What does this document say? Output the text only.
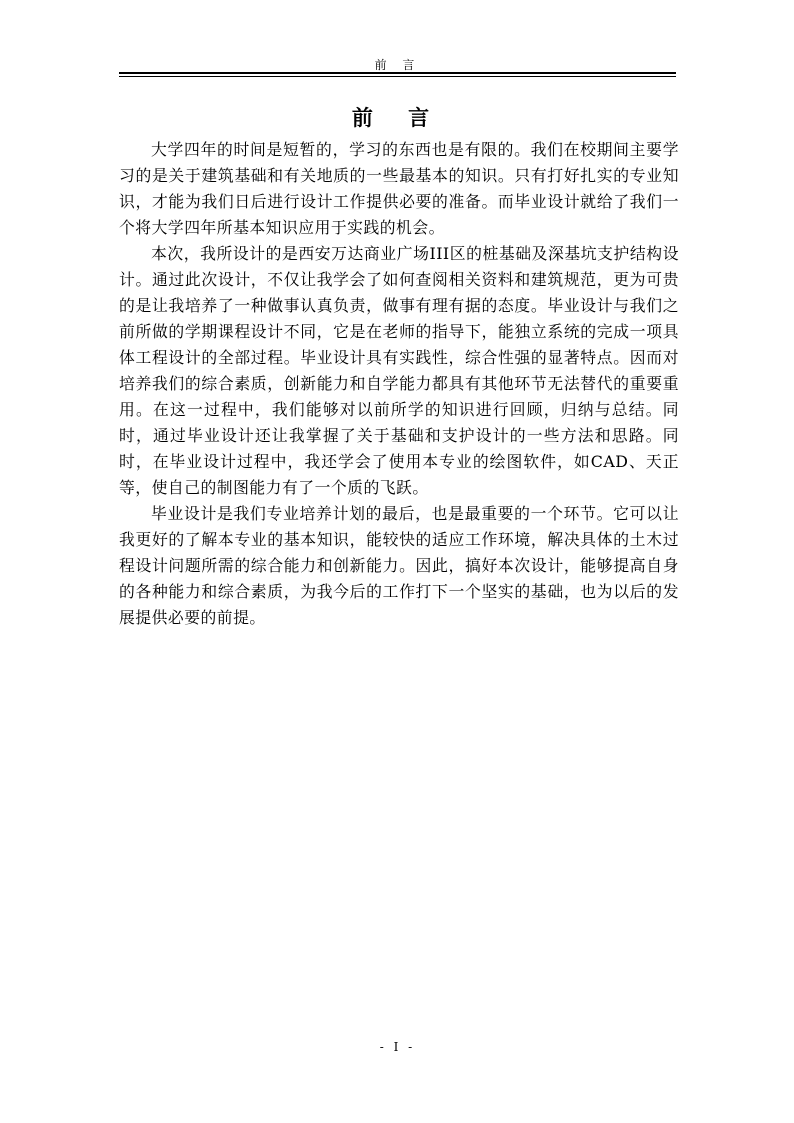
前 言
前 言

大学四年的时间是短暂的，学习的东西也是有限的。我们在校期间主要学习的是关于建筑基础和有关地质的一些最基本的知识。只有打好扎实的专业知识，才能为我们日后进行设计工作提供必要的准备。而毕业设计就给了我们一个将大学四年所基本知识应用于实践的机会。

本次，我所设计的是西安万达商业广场III区的桩基础及深基坑支护结构设计。通过此次设计，不仅让我学会了如何查阅相关资料和建筑规范，更为可贵的是让我培养了一种做事认真负责，做事有理有据的态度。毕业设计与我们之前所做的学期课程设计不同，它是在老师的指导下，能独立系统的完成一项具体工程设计的全部过程。毕业设计具有实践性，综合性强的显著特点。因而对培养我们的综合素质，创新能力和自学能力都具有其他环节无法替代的重要重用。在这一过程中，我们能够对以前所学的知识进行回顾，归纳与总结。同时，通过毕业设计还让我掌握了关于基础和支护设计的一些方法和思路。同时，在毕业设计过程中，我还学会了使用本专业的绘图软件，如CAD、天正等，使自己的制图能力有了一个质的飞跃。

毕业设计是我们专业培养计划的最后，也是最重要的一个环节。它可以让我更好的了解本专业的基本知识，能较快的适应工作环境，解决具体的土木过程设计问题所需的综合能力和创新能力。因此，搞好本次设计，能够提高自身的各种能力和综合素质，为我今后的工作打下一个坚实的基础，也为以后的发展提供必要的前提。

- I -
